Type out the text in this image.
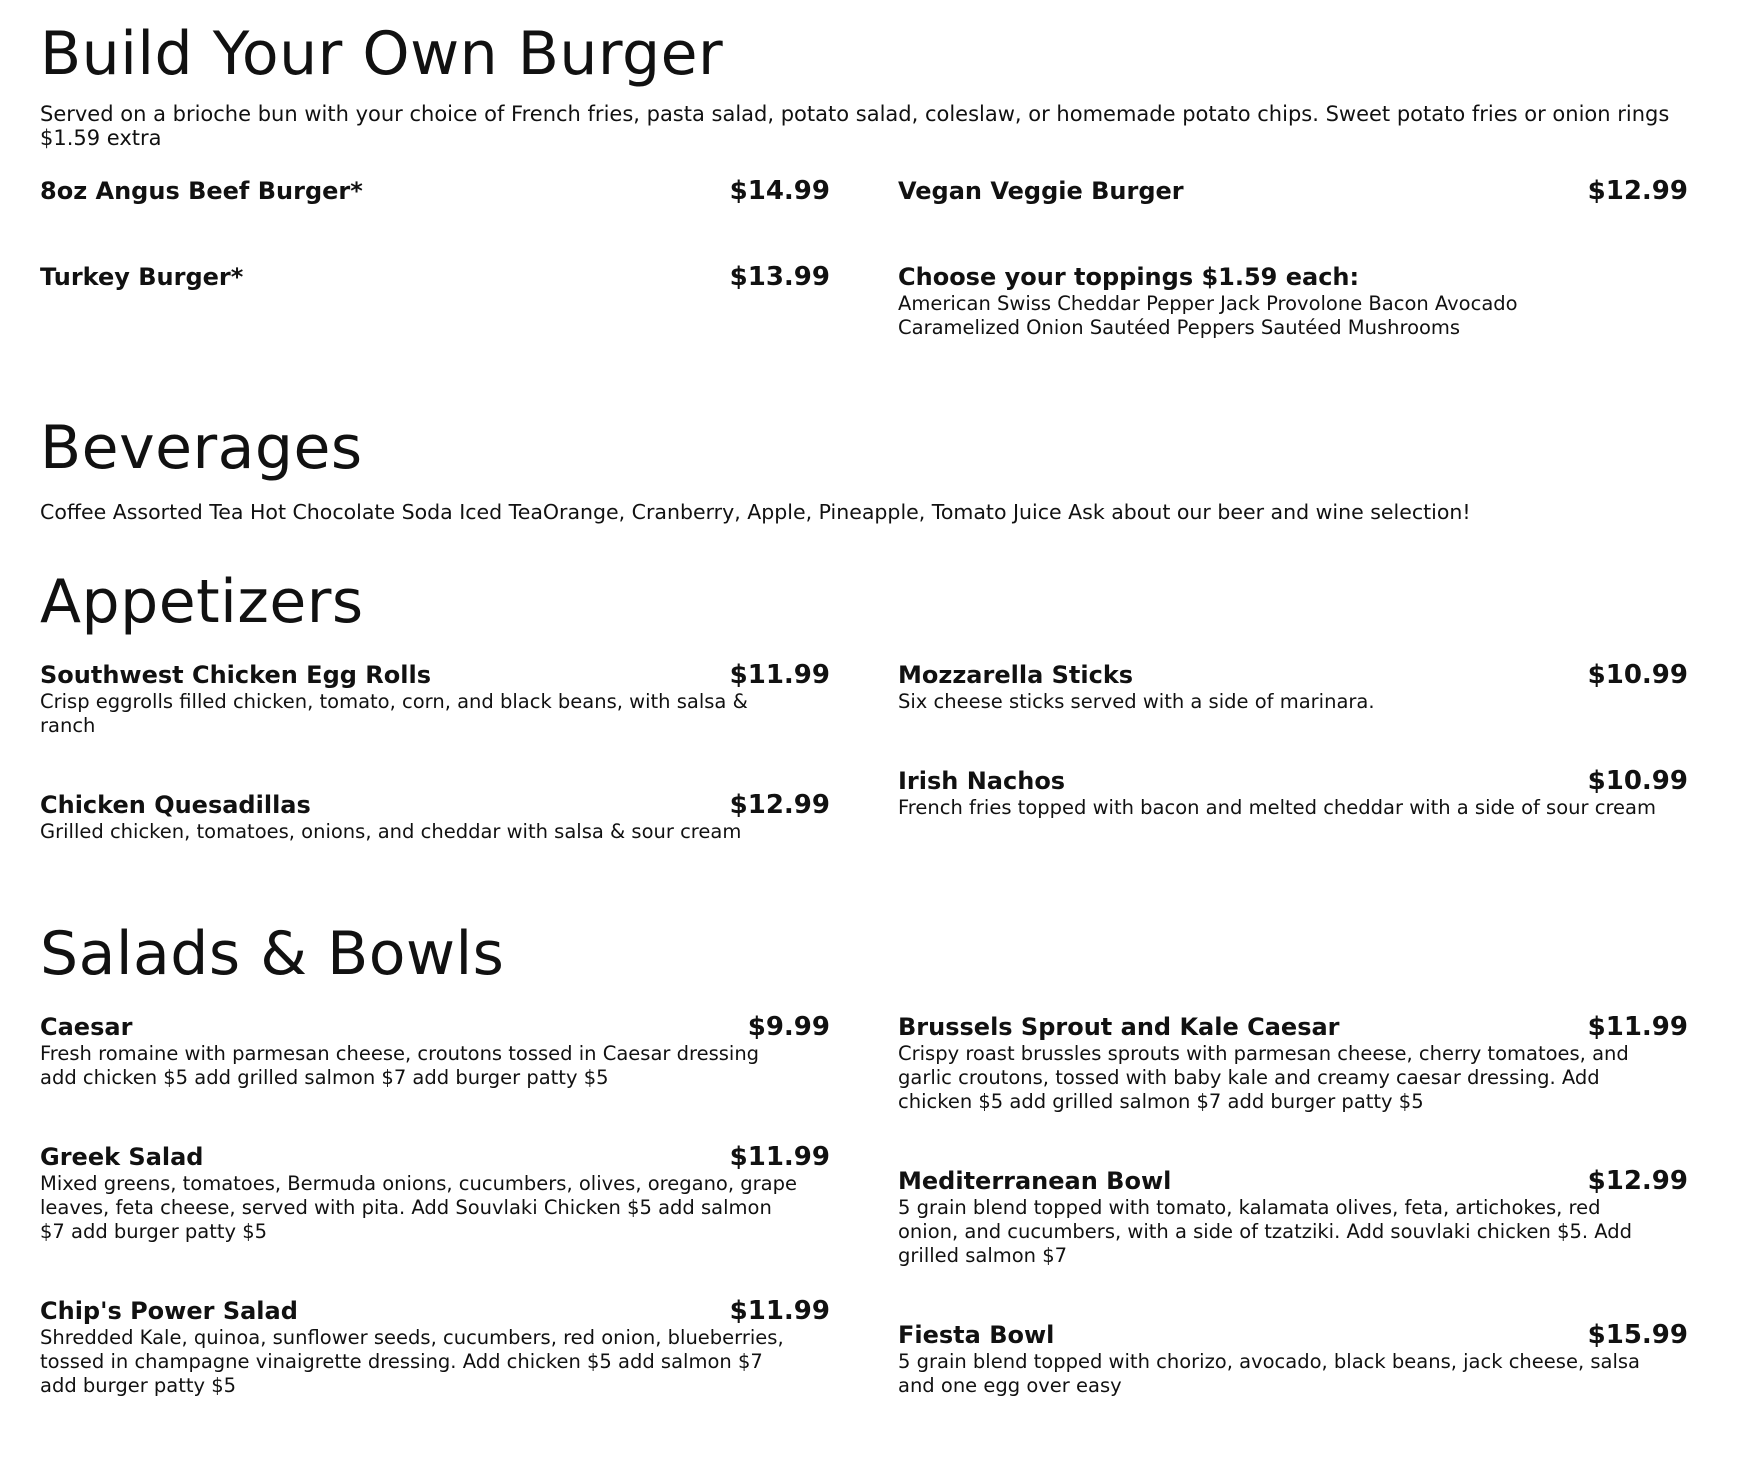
Build Your Own Burger

Served on a brioche bun with your choice of French fries, pasta salad, potato salad, coleslaw, or homemade potato chips. Sweet potato fries or onion rings $1.59 extra

8oz Angus Beef Burger*	$14.99
Turkey Burger*	$13.99
Vegan Veggie Burger	$12.99
Choose your toppings $1.59 each:
American Swiss Cheddar Pepper Jack Provolone Bacon Avocado Caramelized Onion Sautéed Peppers Sautéed Mushrooms
Beverages

Coffee Assorted Tea Hot Chocolate Soda Iced TeaOrange, Cranberry, Apple, Pineapple, Tomato Juice Ask about our beer and wine selection!

Appetizers
Southwest Chicken Egg Rolls	$11.99
Crisp eggrolls filled chicken, tomato, corn, and black beans, with salsa & ranch
Chicken Quesadillas	$12.99
Grilled chicken, tomatoes, onions, and cheddar with salsa & sour cream
Mozzarella Sticks	$10.99
Six cheese sticks served with a side of marinara.
Irish Nachos	$10.99
French fries topped with bacon and melted cheddar with a side of sour cream
Salads & Bowls
Caesar	$9.99
Fresh romaine with parmesan cheese, croutons tossed in Caesar dressing add chicken $5 add grilled salmon $7 add burger patty $5
Greek Salad	$11.99
Mixed greens, tomatoes, Bermuda onions, cucumbers, olives, oregano, grape leaves, feta cheese, served with pita. Add Souvlaki Chicken $5 add salmon $7 add burger patty $5
Chip's Power Salad	$11.99
Shredded Kale, quinoa, sunflower seeds, cucumbers, red onion, blueberries, tossed in champagne vinaigrette dressing. Add chicken $5 add salmon $7 add burger patty $5
Brussels Sprout and Kale Caesar	$11.99
Crispy roast brussles sprouts with parmesan cheese, cherry tomatoes, and garlic croutons, tossed with baby kale and creamy caesar dressing. Add chicken $5 add grilled salmon $7 add burger patty $5
Mediterranean Bowl	$12.99
5 grain blend topped with tomato, kalamata olives, feta, artichokes, red onion, and cucumbers, with a side of tzatziki. Add souvlaki chicken $5. Add grilled salmon $7
Fiesta Bowl	$15.99
5 grain blend topped with chorizo, avocado, black beans, jack cheese, salsa and one egg over easy
